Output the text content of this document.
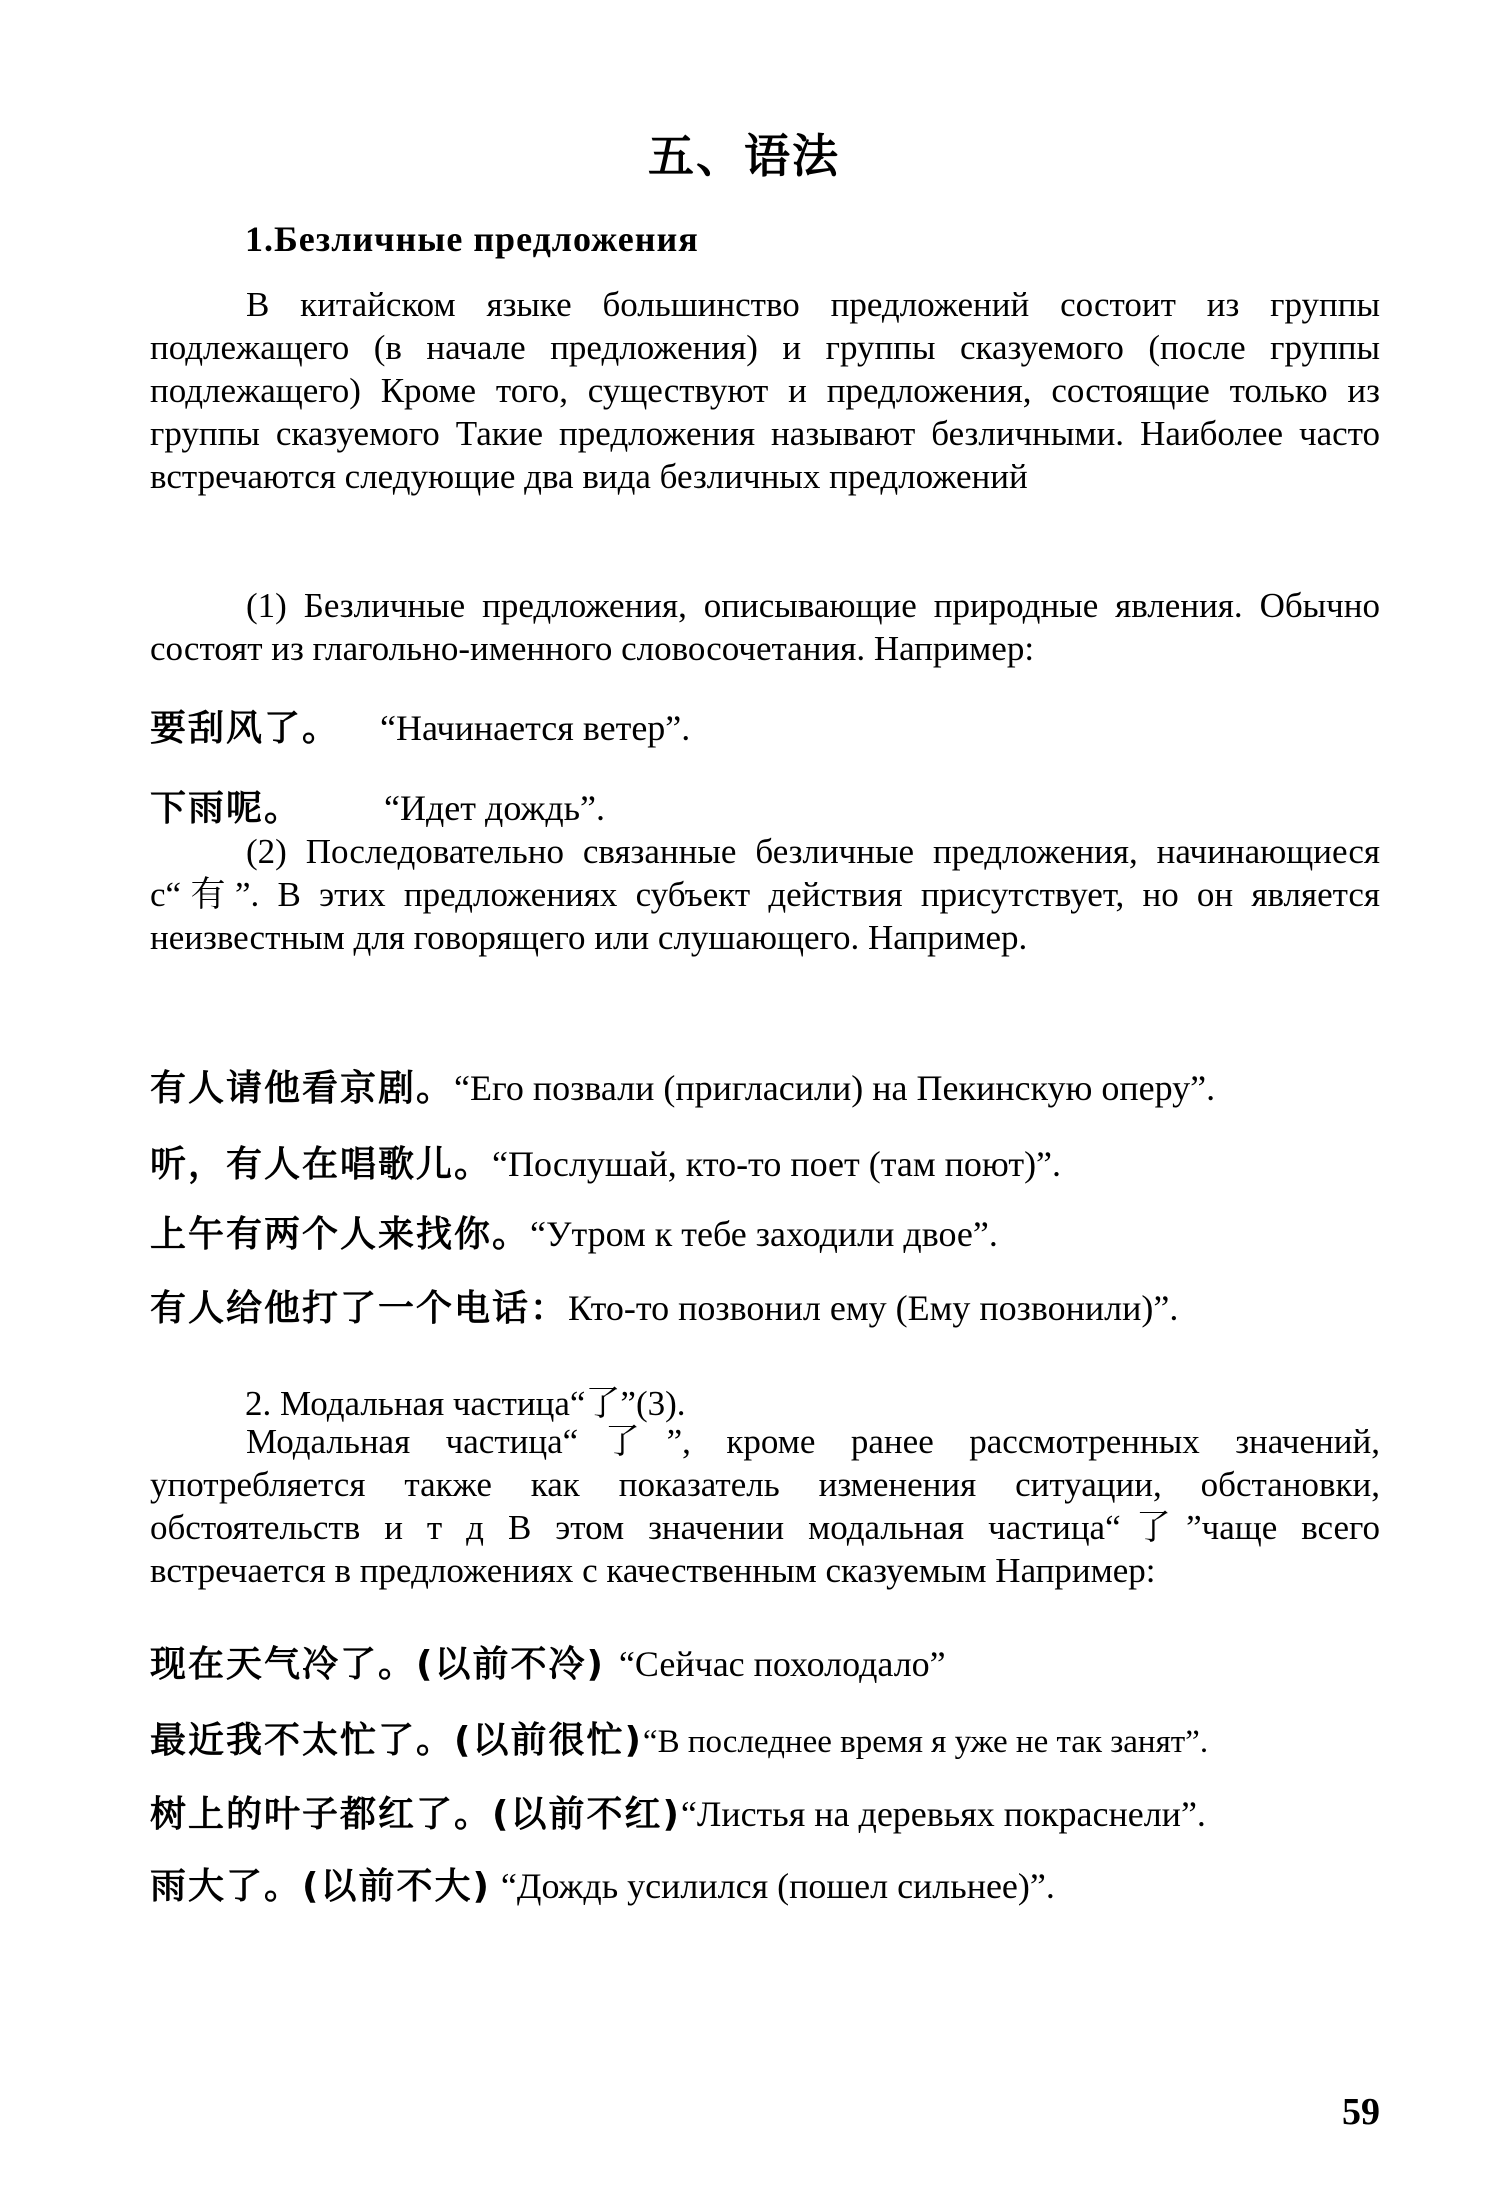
五、语法
1.Безличные предложения

В китайском языке большинство предложений состоит из группы подлежащего (в начале предложения) и группы сказуемого (после группы подлежащего) Кроме того, существуют и предложения, состоящие только из группы сказуемого Такие предложения называют безличными. Наиболее часто встречаются следующие два вида безличных предложений

(1) Безличные предложения, описывающие природные явления. Обычно состоят из глагольно-именного словосочетания. Например:

要刮风了。 “Начинается ветер”.
下雨呢。 “Идет дождь”.

(2) Последовательно связанные безличные предложения, начинающиеся с“有”. В этих предложениях субъект действия присутствует, но он является неизвестным для говорящего или слушающего. Например.

有人请他看京剧。“Его позвали (пригласили) на Пекинскую оперу”.
听，有人在唱歌儿。“Послушай, кто-то поет (там поют)”.
上午有两个人来找你。“Утром к тебе заходили двое”.
有人给他打了一个电话：Кто-то позвонил ему (Ему позвонили)”.
2. Модальная частица“了”(3).

Модальная частица“了”, кроме ранее рассмотренных значений, употребляется также как показатель изменения ситуации, обстановки, обстоятельств и т д В этом значении модальная частица“了”чаще всего встречается в предложениях с качественным сказуемым Например:

现在天气冷了。(以前不冷) “Сейчас похолодало”
最近我不太忙了。(以前很忙)“В последнее время я уже не так занят”.
树上的叶子都红了。(以前不红)“Листья на деревьях покраснели”.
雨大了。(以前不大) “Дождь усилился (пошел сильнее)”.
59
